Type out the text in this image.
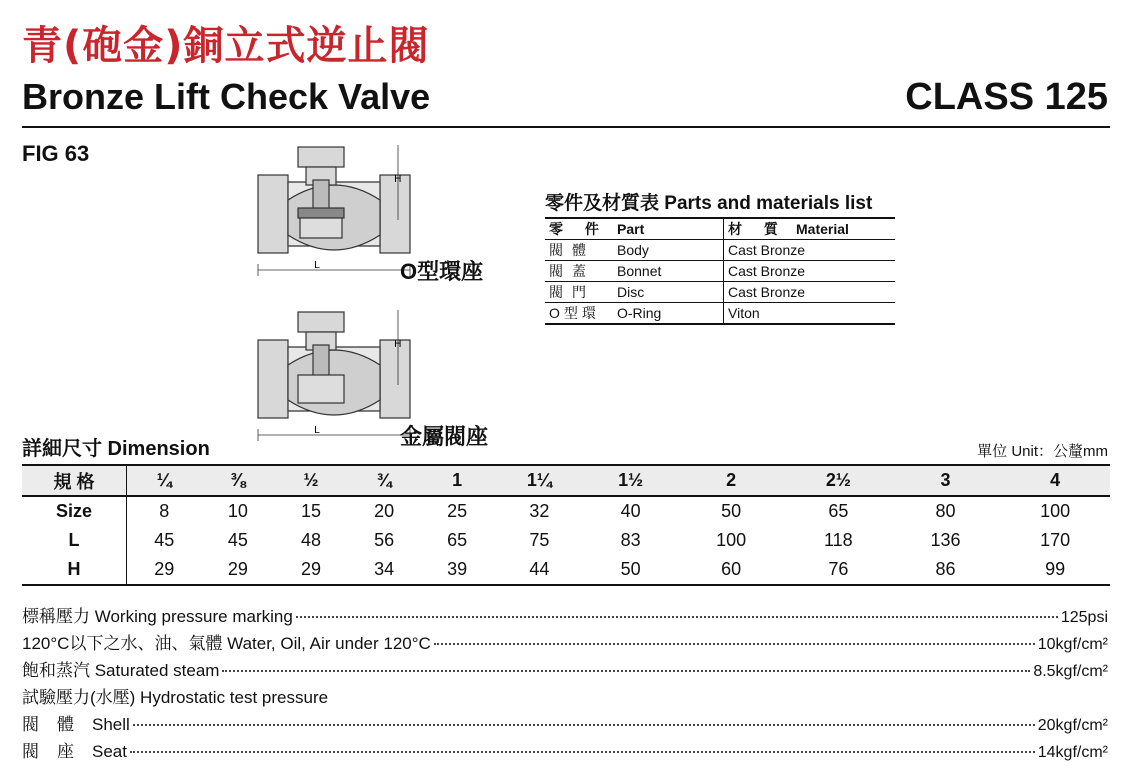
青(砲金)銅立式逆止閥
Bronze Lift Check Valve	CLASS 125
FIG 63
L
H
O型環座
L
H
金屬閥座
零件及材質表 Parts and materials list
零 件 Part	材 質 Material
閥體 Body	Cast Bronze
閥蓋 Bonnet	Cast Bronze
閥門 Disc	Cast Bronze
O型環 O-Ring	Viton
詳細尺寸 Dimension	單位 Unit：公釐mm
規 格	¼	⅜	½	¾	1	1¼	1½	2	2½	3	4
Size	8	10	15	20	25	32	40	50	65	80	100
L	45	45	48	56	65	75	83	100	118	136	170
H	29	29	29	34	39	44	50	60	76	86	99
標稱壓力 Working pressure marking	125psi
120°C以下之水、油、氣體 Water, Oil, Air under 120°C	10kgf/cm²
飽和蒸汽 Saturated steam	8.5kgf/cm²
試驗壓力(水壓) Hydrostatic test pressure
閥體 Shell	20kgf/cm²
閥座 Seat	14kgf/cm²
